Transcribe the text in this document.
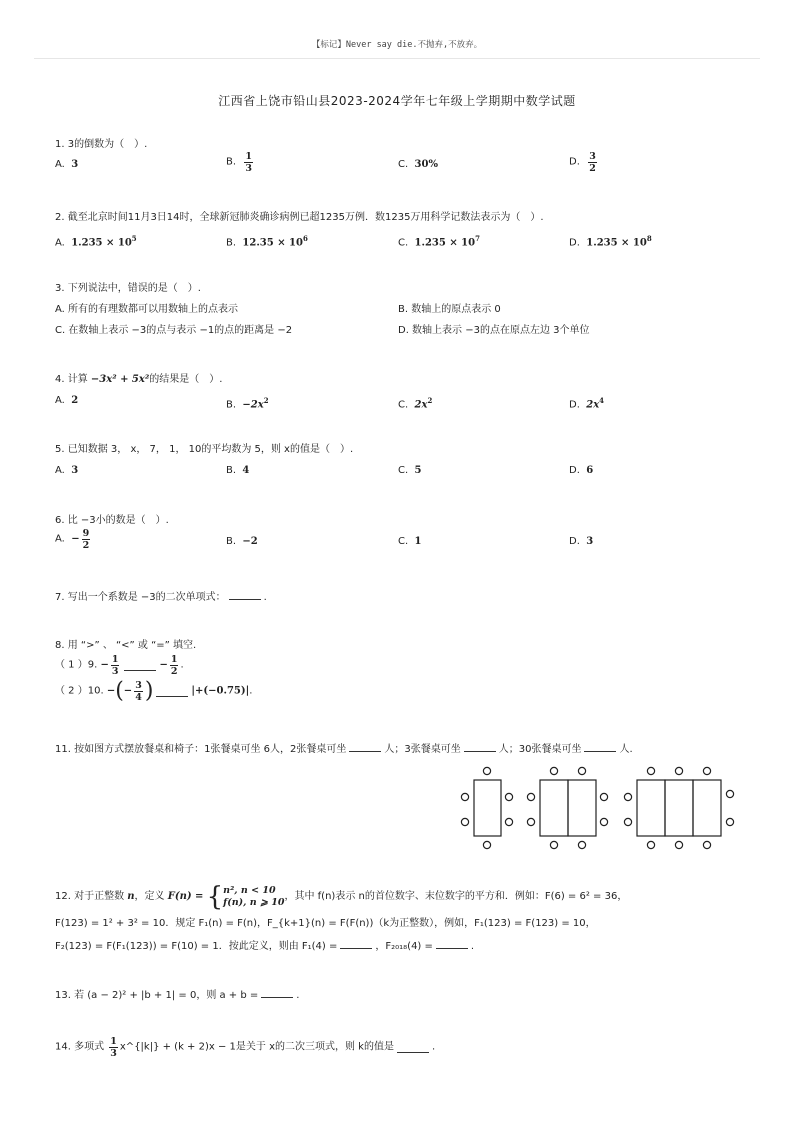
【标记】Never say die.不抛弃,不放弃。
江西省上饶市铅山县2023-2024学年七年级上学期期中数学试题
1. 3的倒数为（　）.
A. 3	B. $\frac{1}{3}$	C. 30%	D. $\frac{3}{2}$
2. 截至北京时间11月3日14时，全球新冠肺炎确诊病例已超1235万例．数1235万用科学记数法表示为（　）.
A. $1.235 \times 10^5$	B. $12.35 \times 10^6$	C. $1.235 \times 10^7$	D. $1.235 \times 10^8$
3. 下列说法中，错误的是（　）.
A. 所有的有理数都可以用数轴上的点表示	B. 数轴上的原点表示 0
C. 在数轴上表示 −3的点与表示 −1的点的距离是 −2	D. 数轴上表示 −3的点在原点左边 3个单位
4. 计算 −3x² + 5x²的结果是（　）.
A. 2	B. $-2x^2$	C. $2x^2$	D. $2x^4$
5. 已知数据 3， x， 7， 1， 10的平均数为 5，则 x的值是（　）.
A. 3	B. 4	C. 5	D. 6
6. 比 −3小的数是（　）.
A. − $\frac{9}{2}$	B. −2	C. 1	D. 3
7. 写出一个系数是 −3的二次单项式：	.
8. 用 “>” 、 “<” 或 “=” 填空.
（ 1 ）9. − $\frac{1}{3}$	− $\frac{1}{2}$ .
（ 2 ）10. −(− $\frac{3}{4}$ )	|+(−0.75)|.
11. 按如图方式摆放餐桌和椅子：1张餐桌可坐 6人，2张餐桌可坐	人；3张餐桌可坐	人；30张餐桌可坐	人.
12. 对于正整数 n，定义 F(n) = { n², n < 10
f(n), n ⩾ 10
，其中 f(n)表示 n的首位数字、末位数字的平方和．例如：F(6) = 6² = 36，
F(123) = 1² + 3² = 10．规定 F₁(n) = F(n)，F_{k+1}(n) = F(F(n))（k为正整数），例如，F₁(123) = F(123) = 10，
F₂(123) = F(F₁(123)) = F(10) = 1．按此定义，则由 F₁(4) =	，F₂₀₁₈(4) =	.
13. 若 (a − 2)² + |b + 1| = 0，则 a + b =	.
14. 多项式 $\frac{1}{3}$ x^{|k|} + (k + 2)x − 1是关于 x的二次三项式，则 k的值是	.
